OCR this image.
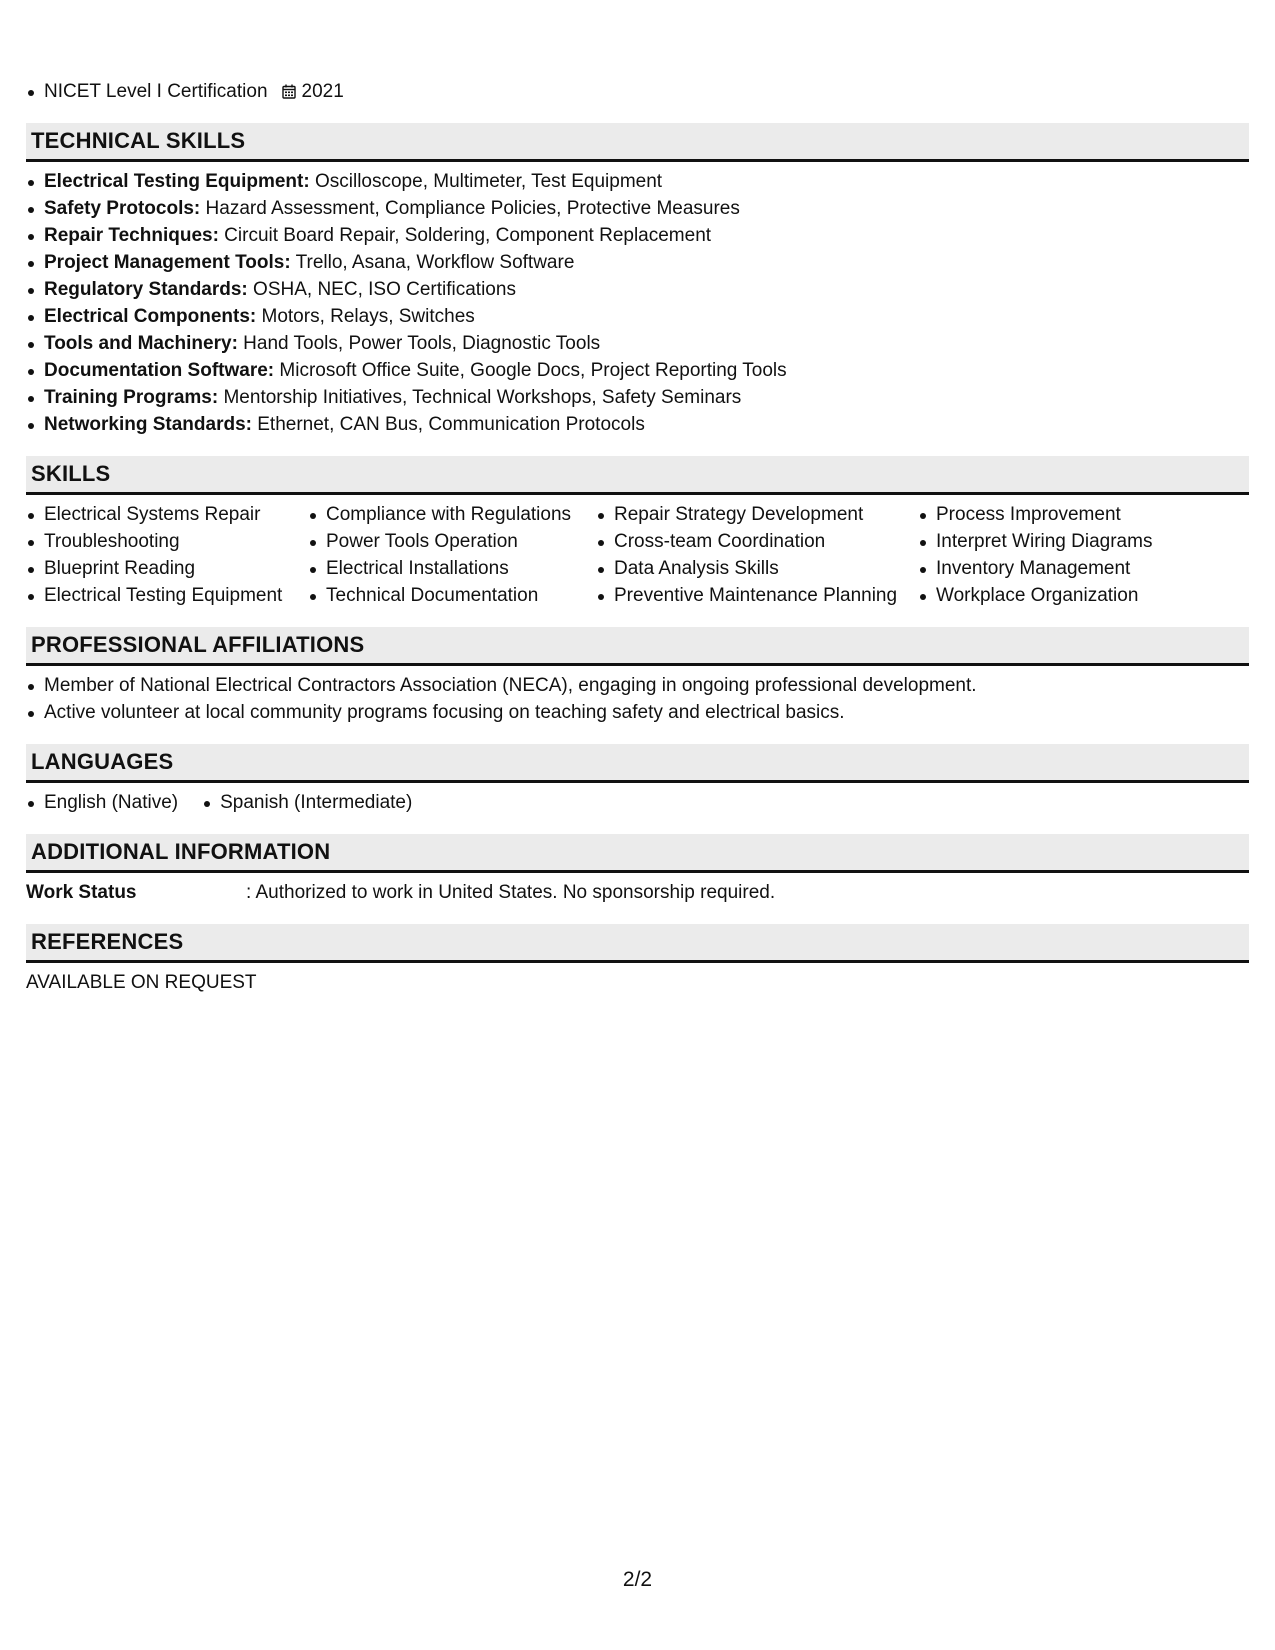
NICET Level I Certification 2021
TECHNICAL SKILLS
Electrical Testing Equipment: Oscilloscope, Multimeter, Test Equipment
Safety Protocols: Hazard Assessment, Compliance Policies, Protective Measures
Repair Techniques: Circuit Board Repair, Soldering, Component Replacement
Project Management Tools: Trello, Asana, Workflow Software
Regulatory Standards: OSHA, NEC, ISO Certifications
Electrical Components: Motors, Relays, Switches
Tools and Machinery: Hand Tools, Power Tools, Diagnostic Tools
Documentation Software: Microsoft Office Suite, Google Docs, Project Reporting Tools
Training Programs: Mentorship Initiatives, Technical Workshops, Safety Seminars
Networking Standards: Ethernet, CAN Bus, Communication Protocols
SKILLS
Electrical Systems Repair
Troubleshooting
Blueprint Reading
Electrical Testing Equipment
Compliance with Regulations
Power Tools Operation
Electrical Installations
Technical Documentation
Repair Strategy Development
Cross-team Coordination
Data Analysis Skills
Preventive Maintenance Planning
Process Improvement
Interpret Wiring Diagrams
Inventory Management
Workplace Organization
PROFESSIONAL AFFILIATIONS
Member of National Electrical Contractors Association (NECA), engaging in ongoing professional development.
Active volunteer at local community programs focusing on teaching safety and electrical basics.
LANGUAGES
English (Native)	Spanish (Intermediate)
ADDITIONAL INFORMATION
Work Status	: Authorized to work in United States. No sponsorship required.
REFERENCES
AVAILABLE ON REQUEST
2/2
